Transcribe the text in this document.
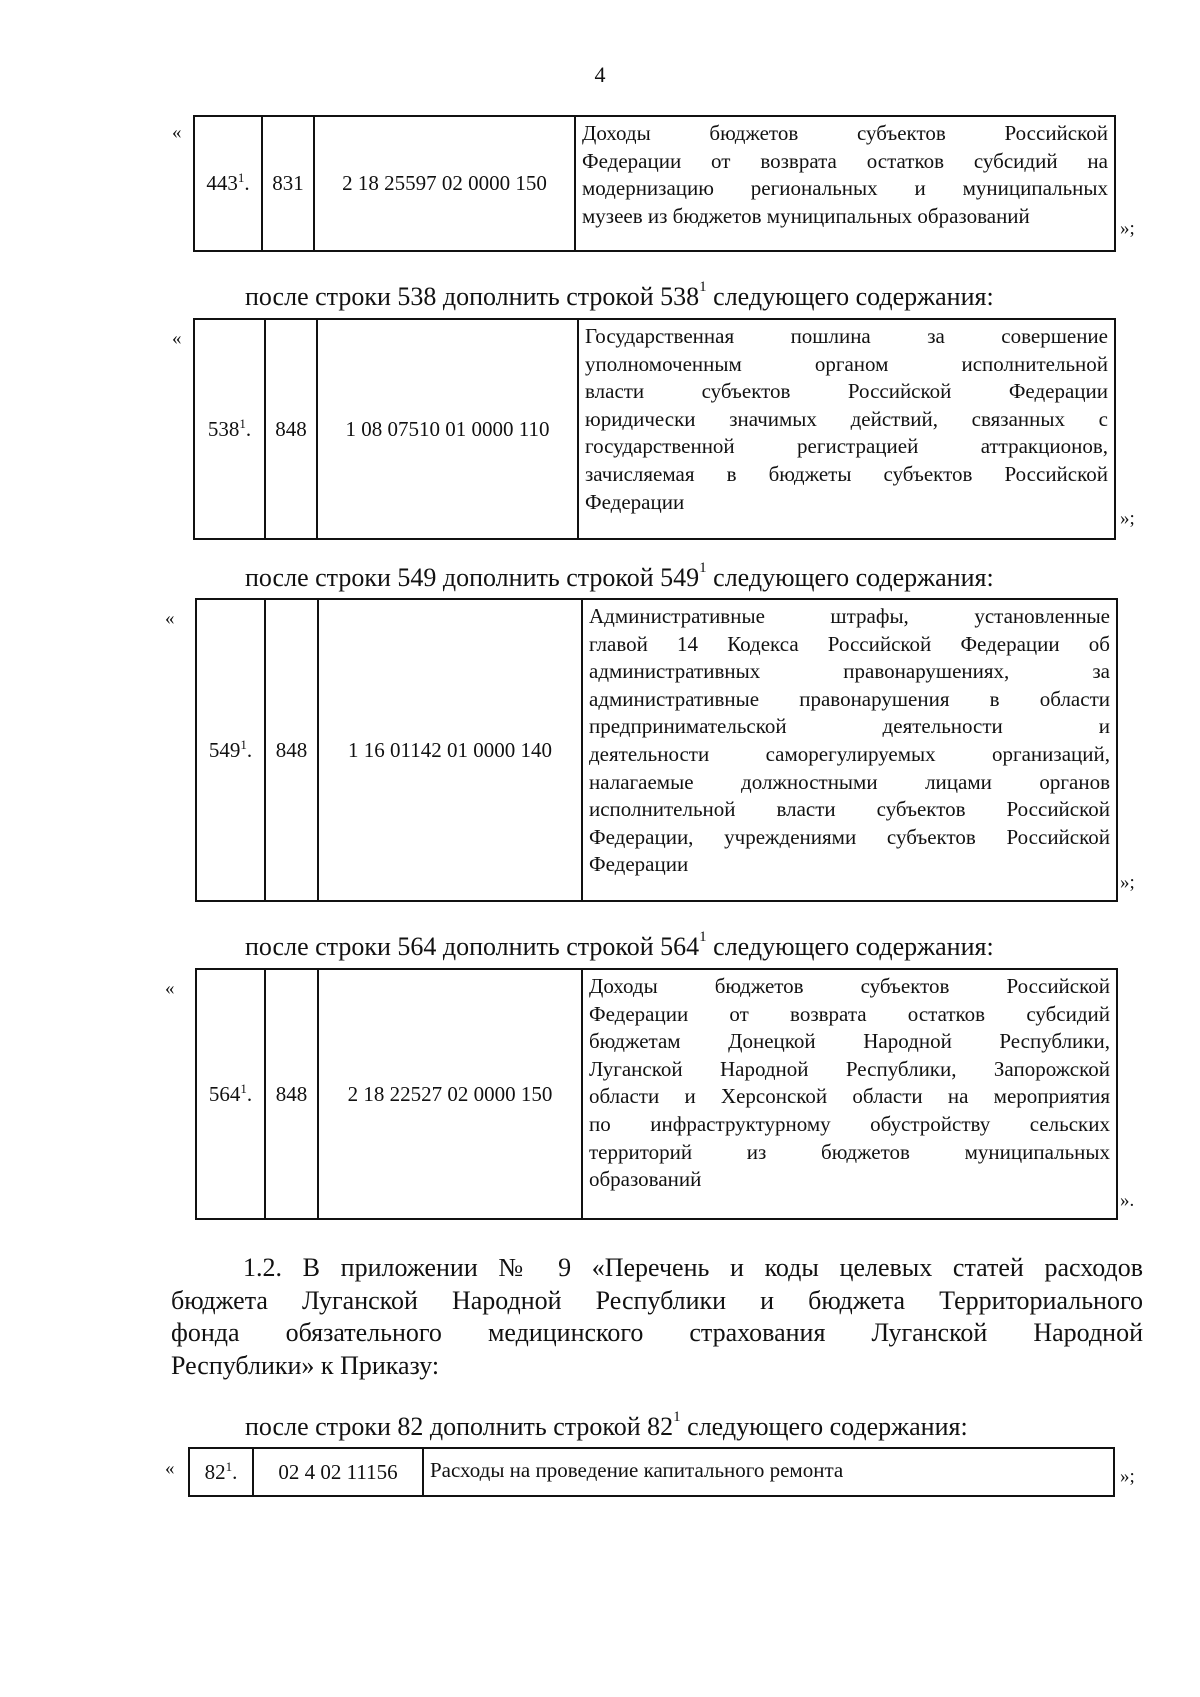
4
«
$443^1$.	831	2 18 25597 02 0000 150	
Доходы бюджетов субъектов Российской
Федерации от возврата остатков субсидий на
модернизацию региональных и муниципальных
музеев из бюджетов муниципальных образований
»;
после строки 538 дополнить строкой $538^1$ следующего содержания:
«
$538^1$.	848	1 08 07510 01 0000 110	
Государственная пошлина за совершение
уполномоченным органом исполнительной
власти субъектов Российской Федерации
юридически значимых действий, связанных с
государственной регистрацией аттракционов,
зачисляемая в бюджеты субъектов Российской
Федерации
»;
после строки 549 дополнить строкой $549^1$ следующего содержания:
«
$549^1$.	848	1 16 01142 01 0000 140	
Административные штрафы, установленные
главой 14 Кодекса Российской Федерации об
административных правонарушениях, за
административные правонарушения в области
предпринимательской деятельности и
деятельности саморегулируемых организаций,
налагаемые должностными лицами органов
исполнительной власти субъектов Российской
Федерации, учреждениями субъектов Российской
Федерации
»;
после строки 564 дополнить строкой $564^1$ следующего содержания:
«
$564^1$.	848	2 18 22527 02 0000 150	
Доходы бюджетов субъектов Российской
Федерации от возврата остатков субсидий
бюджетам Донецкой Народной Республики,
Луганской Народной Республики, Запорожской
области и Херсонской области на мероприятия
по инфраструктурному обустройству сельских
территорий из бюджетов муниципальных
образований
».
1.2. В приложении № 9 «Перечень и коды целевых статей расходов
бюджета Луганской Народной Республики и бюджета Территориального
фонда обязательного медицинского страхования Луганской Народной
Республики» к Приказу:
после строки 82 дополнить строкой $82^1$ следующего содержания:
« $82^1$.	02 4 02 11156	Расходы на проведение капитального ремонта	»;
